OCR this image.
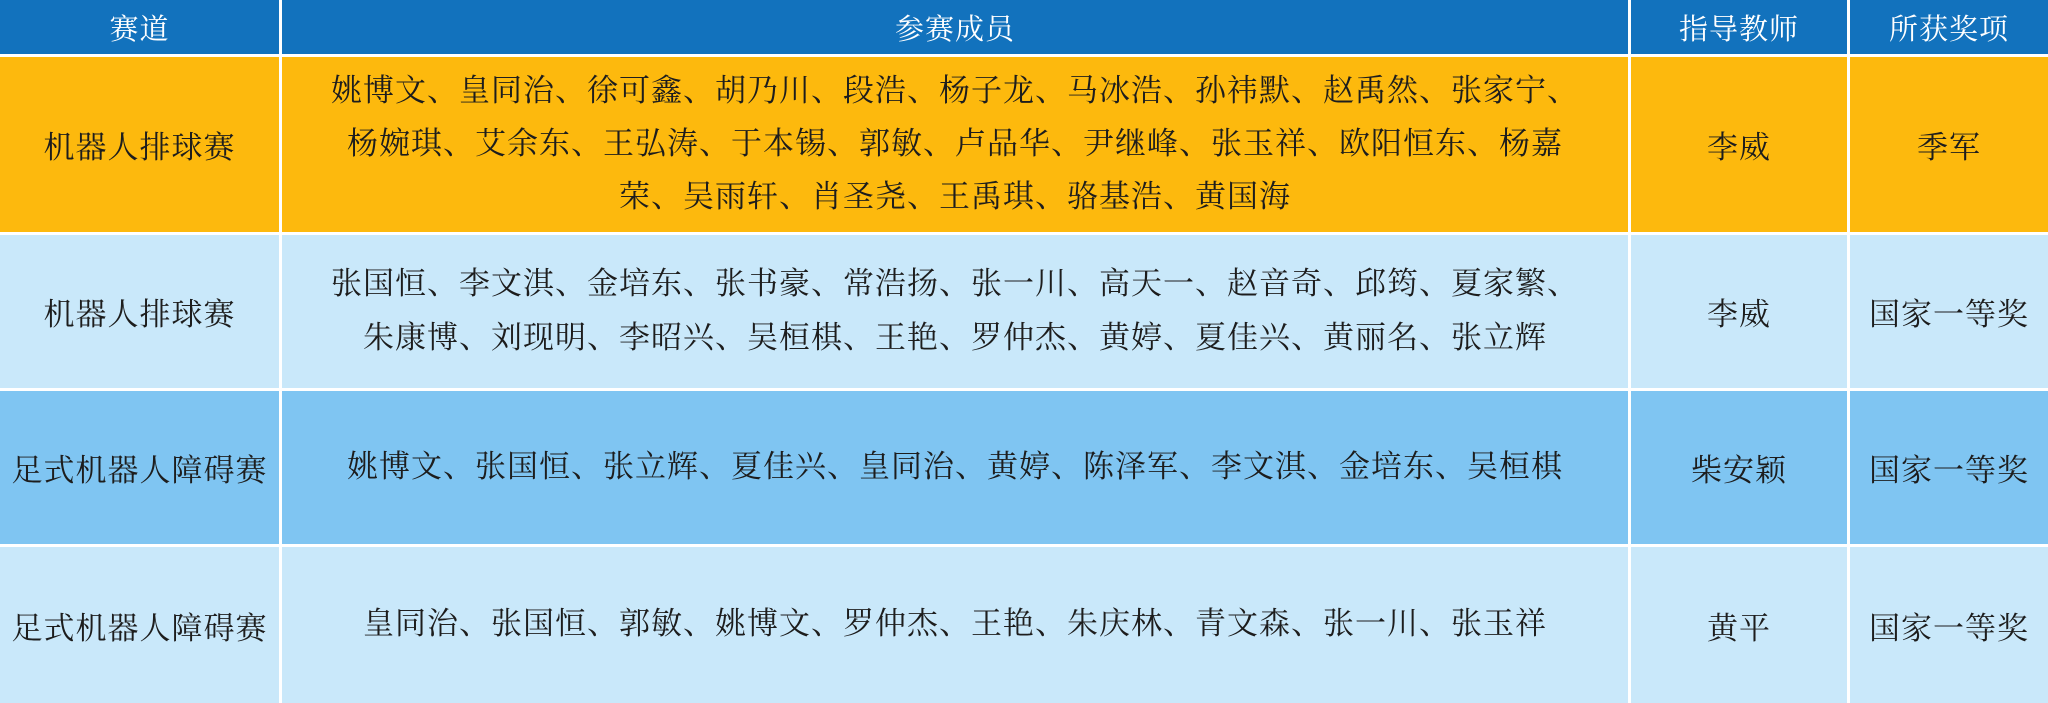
赛道	参赛成员	指导教师	所获奖项
机器人排球赛	姚博文、皇同治、徐可鑫、胡乃川、段浩、杨子龙、马冰浩、孙祎默、赵禹然、张家宁、杨婉琪、艾余东、王弘涛、于本锡、郭敏、卢品华、尹继峰、张玉祥、欧阳恒东、杨嘉荣、吴雨轩、肖圣尧、王禹琪、骆基浩、黄国海	李威	季军
机器人排球赛	张国恒、李文淇、金培东、张书豪、常浩扬、张一川、高天一、赵音奇、邱筠、夏家繁、朱康博、刘现明、李昭兴、吴桓棋、王艳、罗仲杰、黄婷、夏佳兴、黄丽名、张立辉	李威	国家一等奖
足式机器人障碍赛	姚博文、张国恒、张立辉、夏佳兴、皇同治、黄婷、陈泽军、李文淇、金培东、吴桓棋	柴安颖	国家一等奖
足式机器人障碍赛	皇同治、张国恒、郭敏、姚博文、罗仲杰、王艳、朱庆林、青文森、张一川、张玉祥	黄平	国家一等奖
